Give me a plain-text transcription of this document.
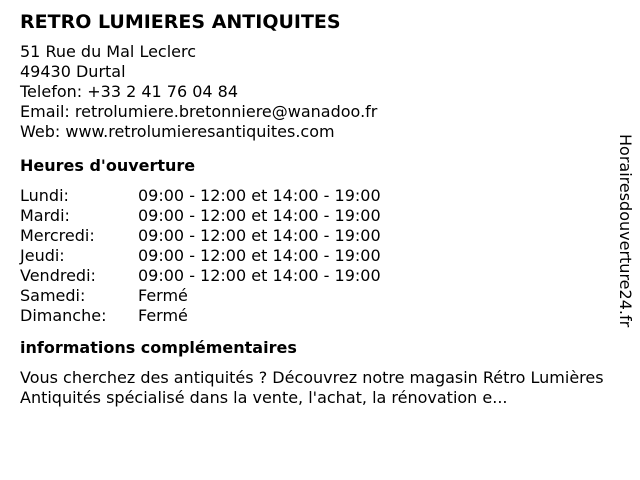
RETRO LUMIERES ANTIQUITES
51 Rue du Mal Leclerc
49430 Durtal
Telefon: +33 2 41 76 04 84
Email: retrolumiere.bretonniere@wanadoo.fr
Web: www.retrolumieresantiquites.com
Heures d'ouverture
Lundi:	09:00 - 12:00 et 14:00 - 19:00
Mardi:	09:00 - 12:00 et 14:00 - 19:00
Mercredi:	09:00 - 12:00 et 14:00 - 19:00
Jeudi:	09:00 - 12:00 et 14:00 - 19:00
Vendredi:	09:00 - 12:00 et 14:00 - 19:00
Samedi:	Fermé
Dimanche:	Fermé
informations complémentaires
Vous cherchez des antiquités ? Découvrez notre magasin Rétro Lumières Antiquités spécialisé dans la vente, l'achat, la rénovation e...
Horairesdouverture24.fr
